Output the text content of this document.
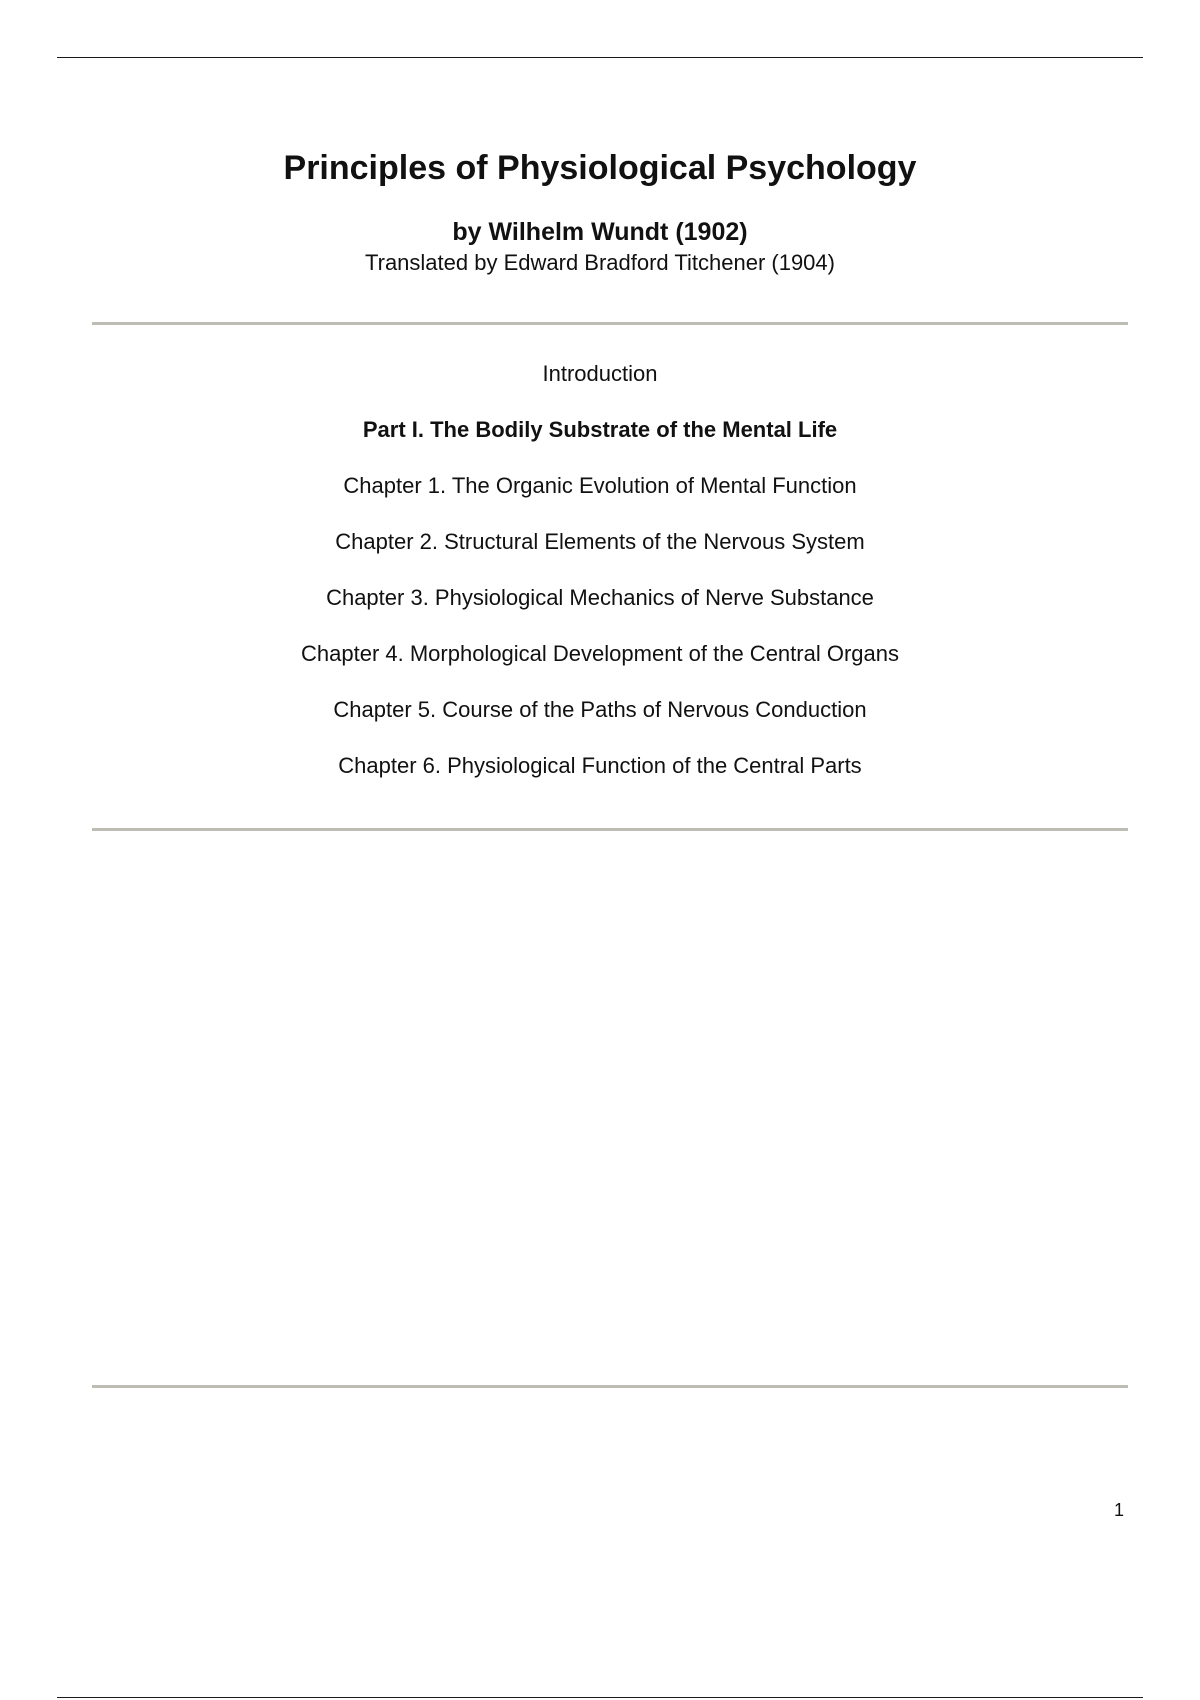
Principles of Physiological Psychology
by Wilhelm Wundt (1902)
Translated by Edward Bradford Titchener (1904)
Introduction
Part I. The Bodily Substrate of the Mental Life
Chapter 1. The Organic Evolution of Mental Function
Chapter 2. Structural Elements of the Nervous System
Chapter 3. Physiological Mechanics of Nerve Substance
Chapter 4. Morphological Development of the Central Organs
Chapter 5. Course of the Paths of Nervous Conduction
Chapter 6. Physiological Function of the Central Parts
1
